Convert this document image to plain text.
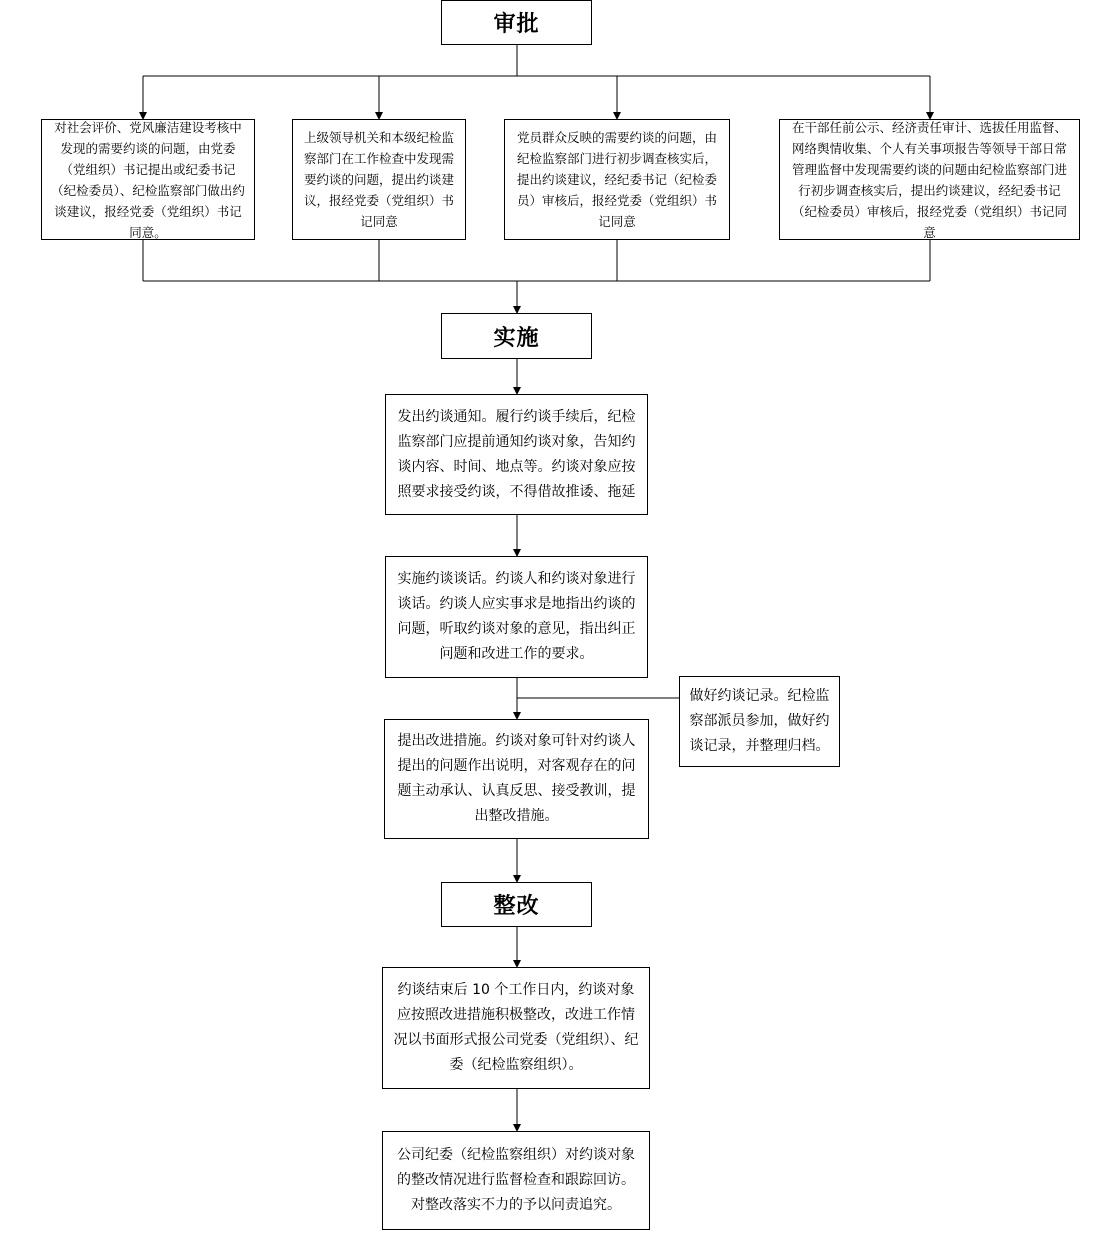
审批
对社会评价、党风廉洁建设考核中发现的需要约谈的问题，由党委（党组织）书记提出或纪委书记（纪检委员）、纪检监察部门做出约谈建议，报经党委（党组织）书记同意。
上级领导机关和本级纪检监察部门在工作检查中发现需要约谈的问题，提出约谈建议，报经党委（党组织）书记同意
党员群众反映的需要约谈的问题，由纪检监察部门进行初步调查核实后，提出约谈建议，经纪委书记（纪检委员）审核后，报经党委（党组织）书记同意
在干部任前公示、经济责任审计、选拔任用监督、网络舆情收集、个人有关事项报告等领导干部日常管理监督中发现需要约谈的问题由纪检监察部门进行初步调查核实后，提出约谈建议，经纪委书记（纪检委员）审核后，报经党委（党组织）书记同意
实施
发出约谈通知。履行约谈手续后，纪检监察部门应提前通知约谈对象，告知约谈内容、时间、地点等。约谈对象应按照要求接受约谈，不得借故推诿、拖延
实施约谈谈话。约谈人和约谈对象进行谈话。约谈人应实事求是地指出约谈的问题，听取约谈对象的意见，指出纠正问题和改进工作的要求。
做好约谈记录。纪检监察部派员参加，做好约谈记录，并整理归档。
提出改进措施。约谈对象可针对约谈人提出的问题作出说明，对客观存在的问题主动承认、认真反思、接受教训，提出整改措施。
整改
约谈结束后 10 个工作日内，约谈对象应按照改进措施积极整改，改进工作情况以书面形式报公司党委（党组织）、纪委（纪检监察组织）。
公司纪委（纪检监察组织）对约谈对象的整改情况进行监督检查和跟踪回访。对整改落实不力的予以问责追究。
